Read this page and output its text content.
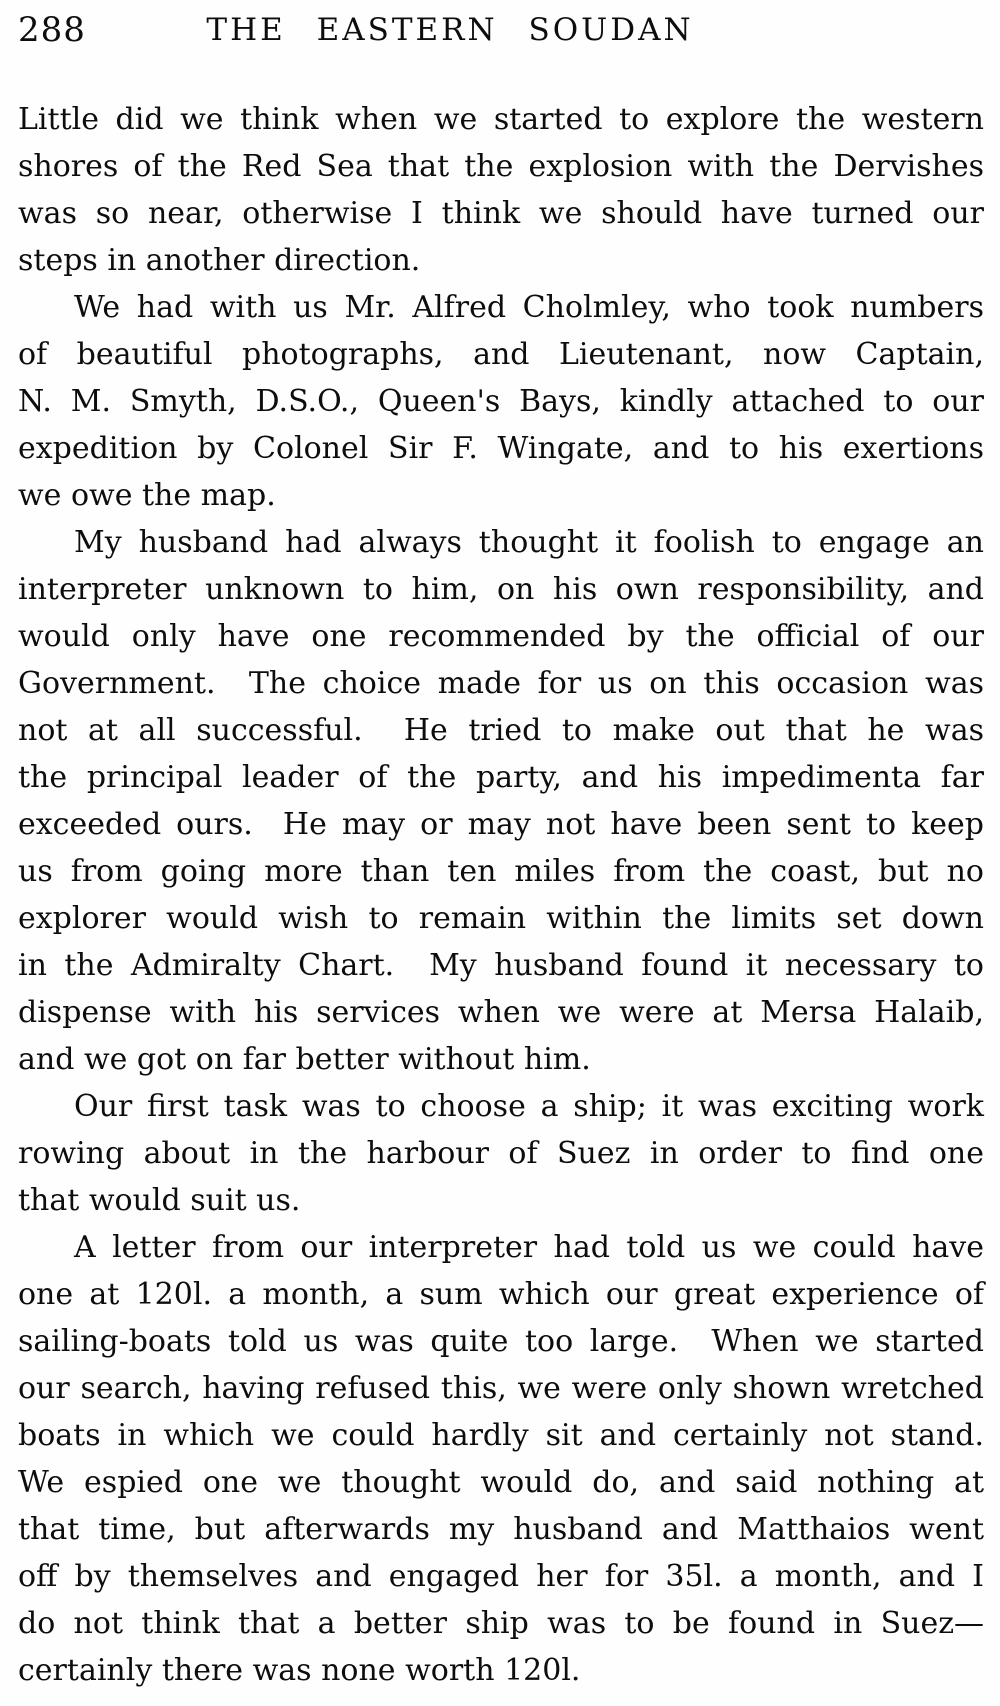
288	THE EASTERN SOUDAN
Little did we think when we started to explore the western
shores of the Red Sea that the explosion with the Dervishes
was so near, otherwise I think we should have turned our
steps in another direction.
We had with us Mr. Alfred Cholmley, who took numbers
of beautiful photographs, and Lieutenant, now Captain,
N. M. Smyth, D.S.O., Queen's Bays, kindly attached to our
expedition by Colonel Sir F. Wingate, and to his exertions
we owe the map.
My husband had always thought it foolish to engage an
interpreter unknown to him, on his own responsibility, and
would only have one recommended by the official of our
Government.  The choice made for us on this occasion was
not at all successful.  He tried to make out that he was
the principal leader of the party, and his impedimenta far
exceeded ours.  He may or may not have been sent to keep
us from going more than ten miles from the coast, but no
explorer would wish to remain within the limits set down
in the Admiralty Chart.  My husband found it necessary to
dispense with his services when we were at Mersa Halaib,
and we got on far better without him.
Our first task was to choose a ship; it was exciting work
rowing about in the harbour of Suez in order to find one
that would suit us.
A letter from our interpreter had told us we could have
one at 120l. a month, a sum which our great experience of
sailing-boats told us was quite too large.  When we started
our search, having refused this, we were only shown wretched
boats in which we could hardly sit and certainly not stand.
We espied one we thought would do, and said nothing at
that time, but afterwards my husband and Matthaios went
off by themselves and engaged her for 35l. a month, and I
do not think that a better ship was to be found in Suez—
certainly there was none worth 120l.
